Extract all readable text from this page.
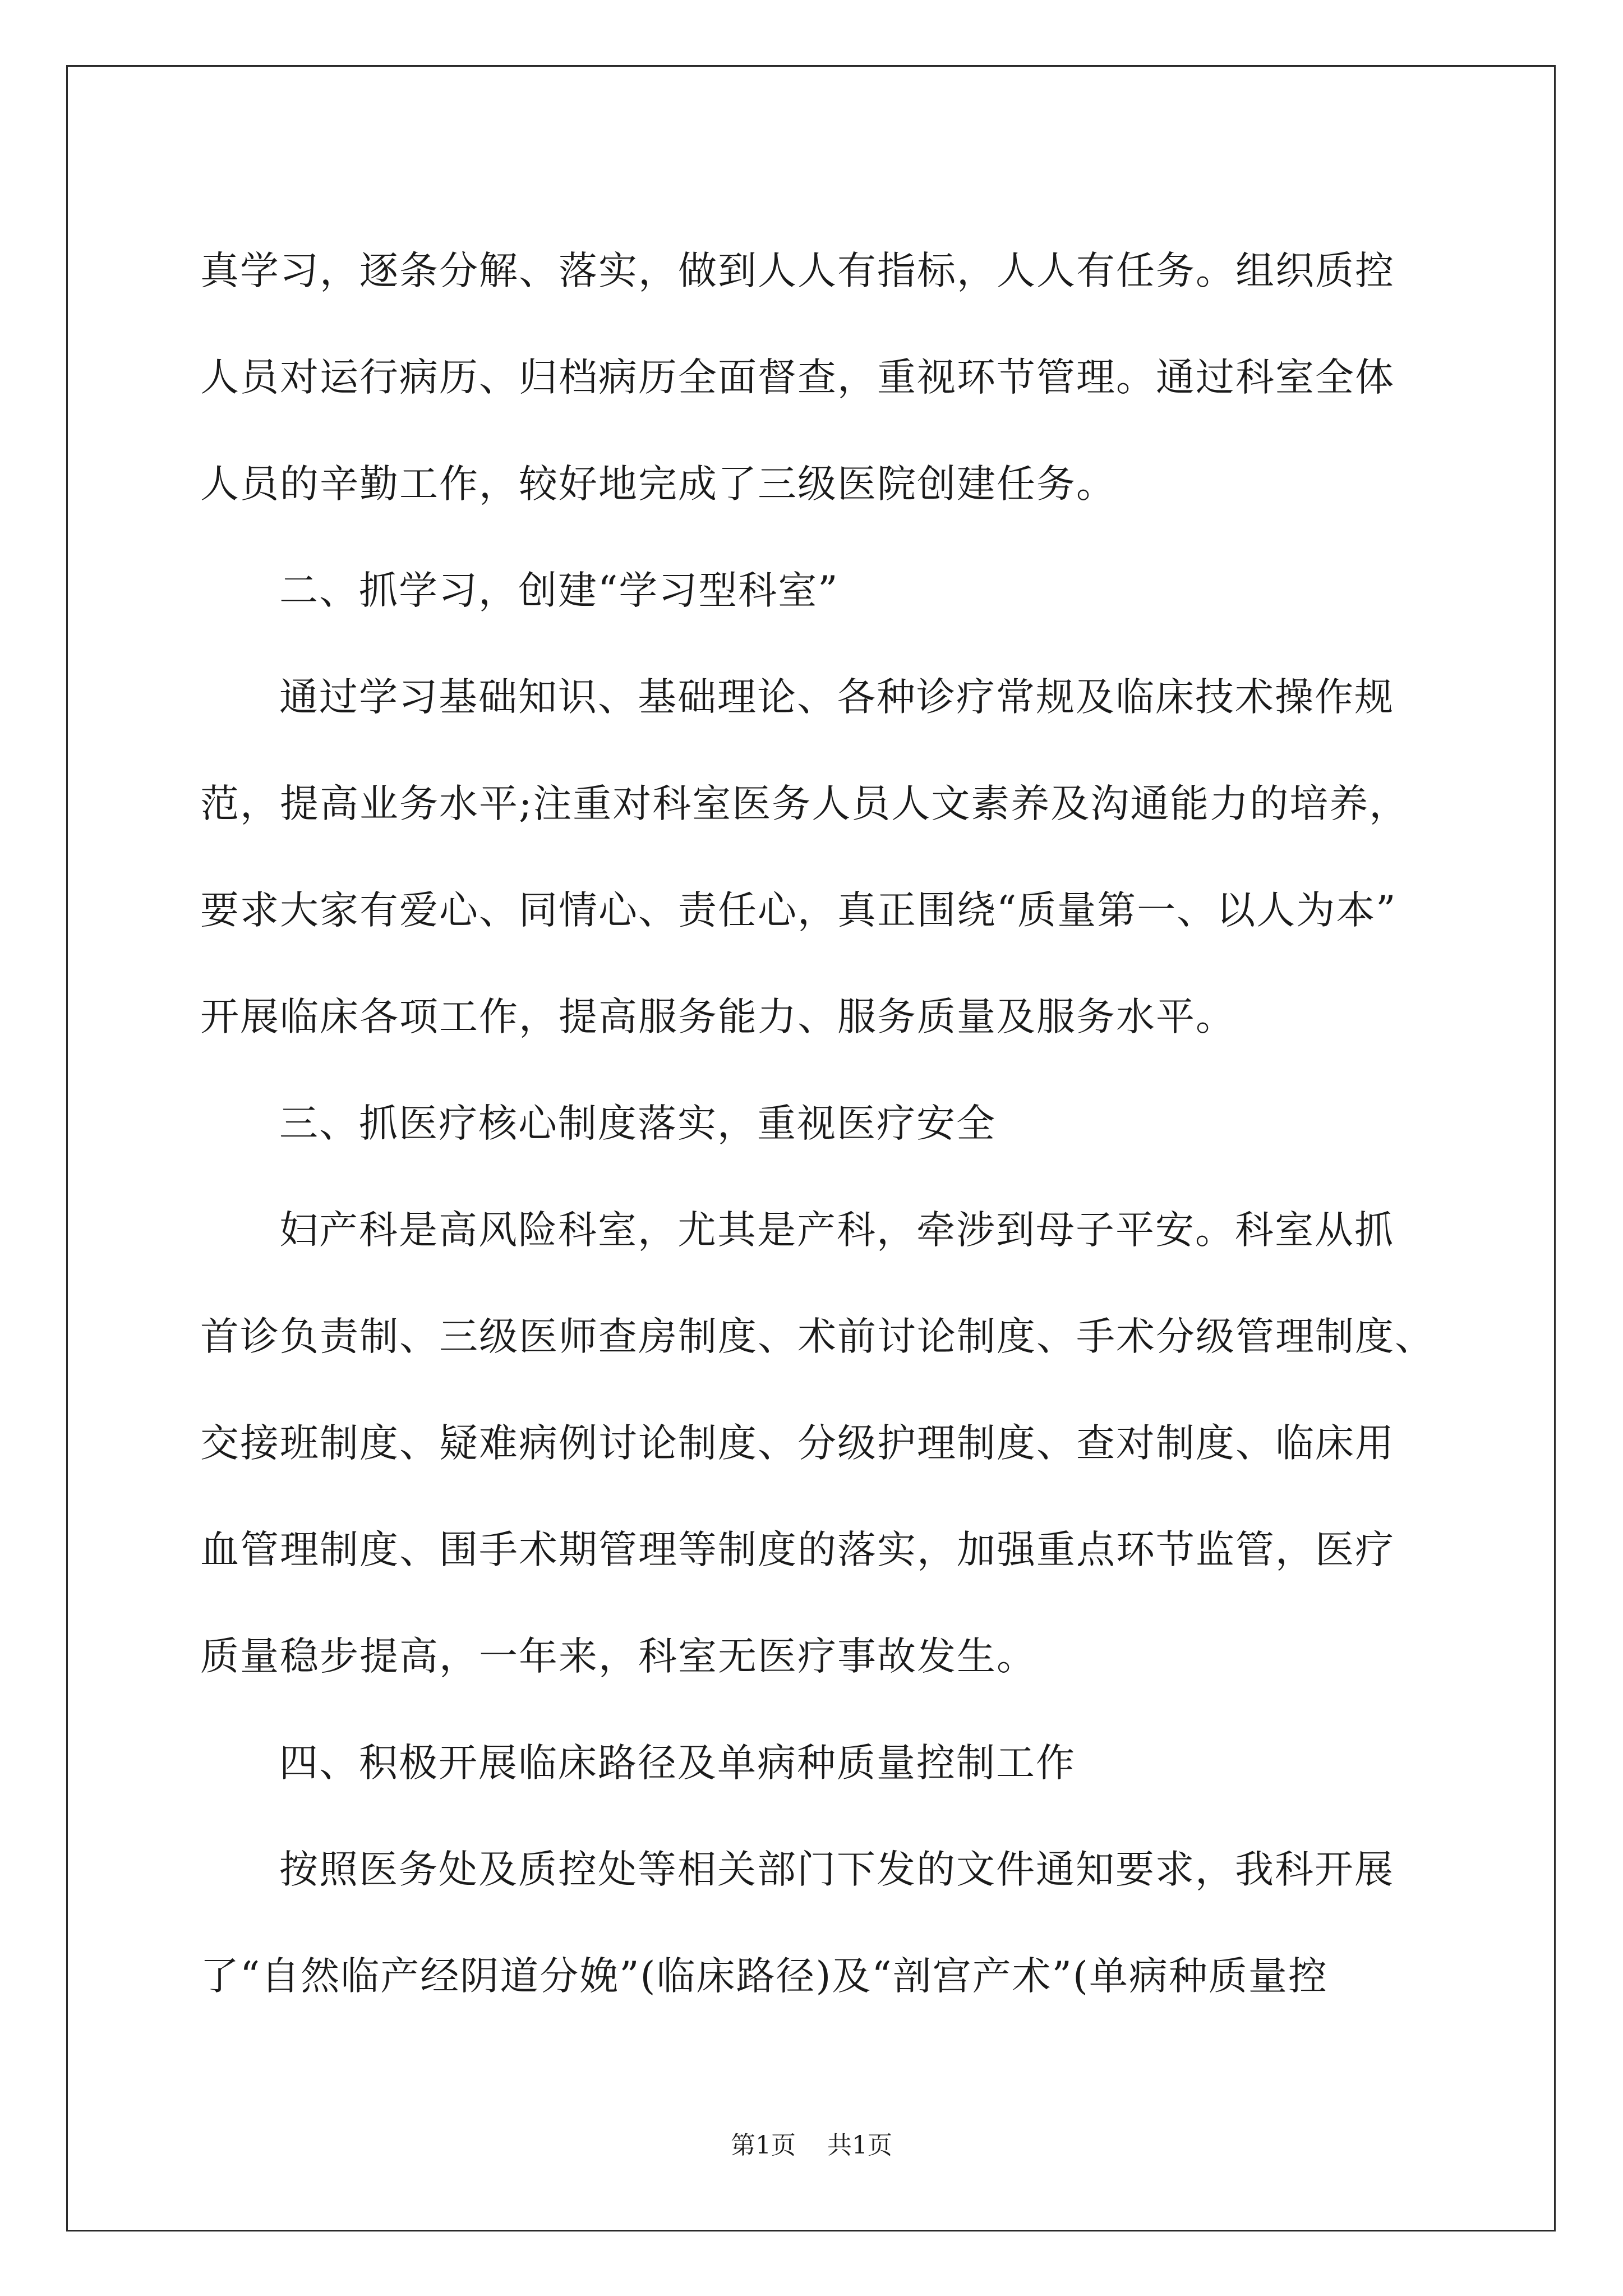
真学习，逐条分解、落实，做到人人有指标，人人有任务。组织质控
人员对运行病历、归档病历全面督查，重视环节管理。通过科室全体
人员的辛勤工作，较好地完成了三级医院创建任务。
二、抓学习，创建“学习型科室”
通过学习基础知识、基础理论、各种诊疗常规及临床技术操作规
范，提高业务水平;注重对科室医务人员人文素养及沟通能力的培养，
要求大家有爱心、同情心、责任心，真正围绕“质量第一、以人为本”
开展临床各项工作，提高服务能力、服务质量及服务水平。
三、抓医疗核心制度落实，重视医疗安全
妇产科是高风险科室，尤其是产科，牵涉到母子平安。科室从抓
首诊负责制、三级医师查房制度、术前讨论制度、手术分级管理制度、
交接班制度、疑难病例讨论制度、分级护理制度、查对制度、临床用
血管理制度、围手术期管理等制度的落实，加强重点环节监管，医疗
质量稳步提高，一年来，科室无医疗事故发生。
四、积极开展临床路径及单病种质量控制工作
按照医务处及质控处等相关部门下发的文件通知要求，我科开展
了“自然临产经阴道分娩”(临床路径)及“剖宫产术”(单病种质量控
第1页 共1页
